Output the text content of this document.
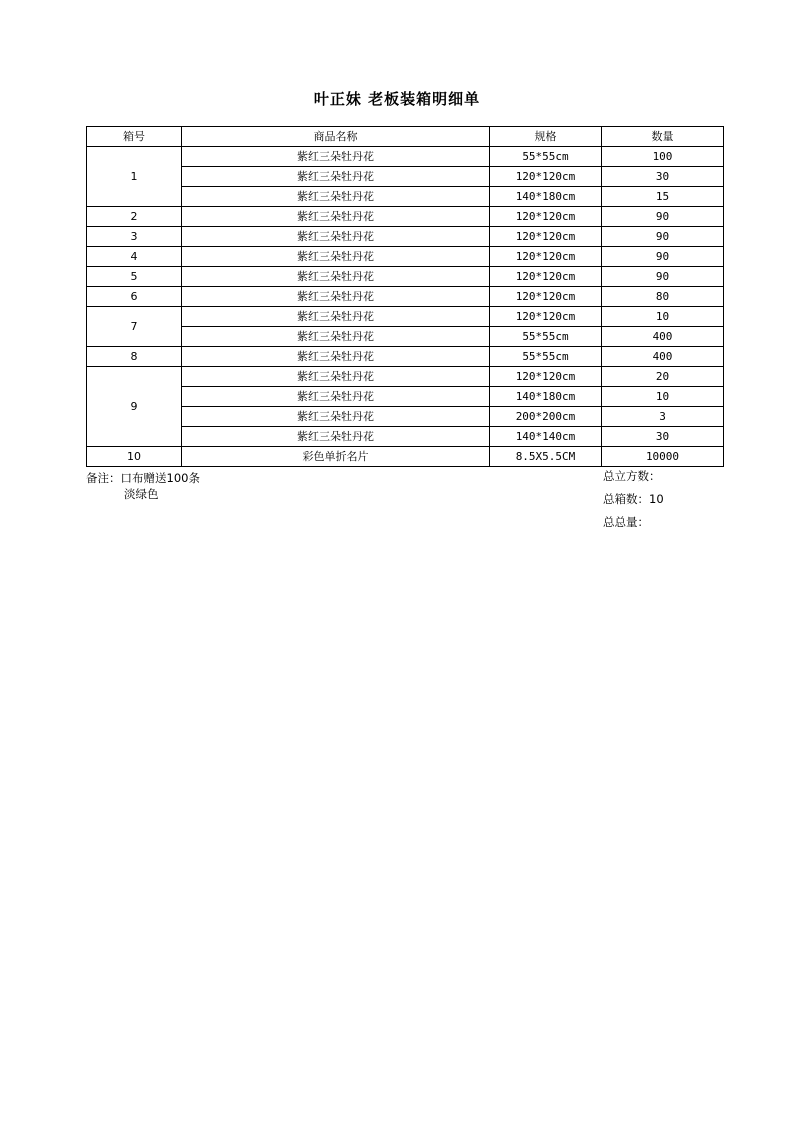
叶正妹 老板装箱明细单
箱号	商品名称	规格	数量
1	紫红三朵牡丹花	55*55cm	100
	紫红三朵牡丹花	120*120cm	30
	紫红三朵牡丹花	140*180cm	15
2	紫红三朵牡丹花	120*120cm	90
3	紫红三朵牡丹花	120*120cm	90
4	紫红三朵牡丹花	120*120cm	90
5	紫红三朵牡丹花	120*120cm	90
6	紫红三朵牡丹花	120*120cm	80
7	紫红三朵牡丹花	120*120cm	10
	紫红三朵牡丹花	55*55cm	400
8	紫红三朵牡丹花	55*55cm	400
9	紫红三朵牡丹花	120*120cm	20
	紫红三朵牡丹花	140*180cm	10
	紫红三朵牡丹花	200*200cm	3
	紫红三朵牡丹花	140*140cm	30
10	彩色单折名片	8.5X5.5CM	10000
备注：口布赠送100条
淡绿色
总立方数：
总箱数：10
总总量：
